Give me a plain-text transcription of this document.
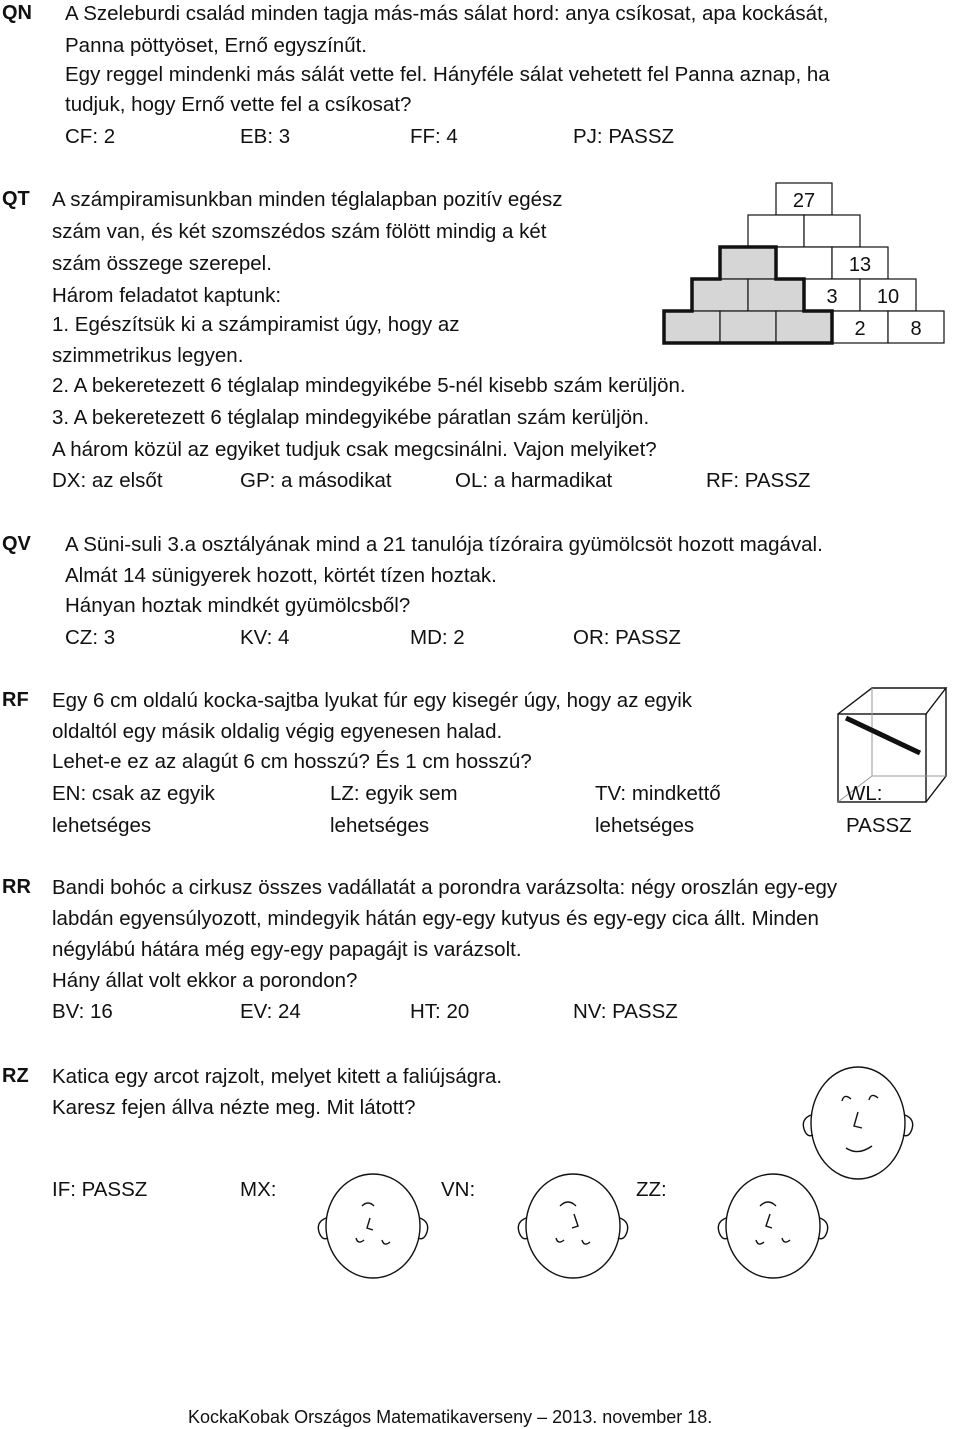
QN A Szeleburdi család minden tagja más-más sálat hord: anya csíkosat, apa kockását,
Panna pöttyöset, Ernő egyszínűt.
Egy reggel mindenki más sálát vette fel. Hányféle sálat vehetett fel Panna aznap, ha
tudjuk, hogy Ernő vette fel a csíkosat?
CF: 2	EB: 3	FF: 4	PJ: PASSZ
QT A számpiramisunkban minden téglalapban pozitív egész
szám van, és két szomszédos szám fölött mindig a két
szám összege szerepel.
Három feladatot kaptunk:
1. Egészítsük ki a számpiramist úgy, hogy az
szimmetrikus legyen.
2. A bekeretezett 6 téglalap mindegyikébe 5-nél kisebb szám kerüljön.
3. A bekeretezett 6 téglalap mindegyikébe páratlan szám kerüljön.
A három közül az egyiket tudjuk csak megcsinálni. Vajon melyiket?
DX: az elsőt	GP: a másodikat	OL: a harmadikat	RF: PASSZ
27
13
3 10
2 8
QV A Süni-suli 3.a osztályának mind a 21 tanulója tízóraira gyümölcsöt hozott magával.
Almát 14 sünigyerek hozott, körtét tízen hoztak.
Hányan hoztak mindkét gyümölcsből?
CZ: 3	KV: 4	MD: 2	OR: PASSZ
RF Egy 6 cm oldalú kocka-sajtba lyukat fúr egy kisegér úgy, hogy az egyik
oldaltól egy másik oldalig végig egyenesen halad.
Lehet-e ez az alagút 6 cm hosszú? És 1 cm hosszú?
EN: csak az egyik
lehetséges
LZ: egyik sem
lehetséges
TV: mindkettő
lehetséges
WL:
PASSZ
RR Bandi bohóc a cirkusz összes vadállatát a porondra varázsolta: négy oroszlán egy-egy
labdán egyensúlyozott, mindegyik hátán egy-egy kutyus és egy-egy cica állt. Minden
négylábú hátára még egy-egy papagájt is varázsolt.
Hány állat volt ekkor a porondon?
BV: 16	EV: 24	HT: 20	NV: PASSZ
RZ Katica egy arcot rajzolt, melyet kitett a faliújságra.
Karesz fejen állva nézte meg. Mit látott?
IF: PASSZ	MX:	VN:	ZZ:
KockaKobak Országos Matematikaverseny – 2013. november 18.
